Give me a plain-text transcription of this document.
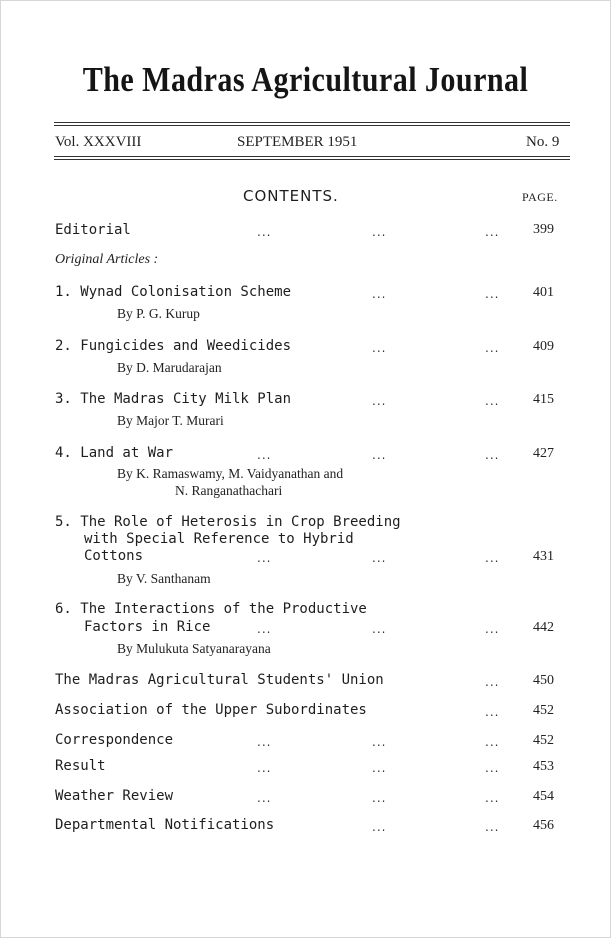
The Madras Agricultural Journal
Vol. XXXVIII	SEPTEMBER 1951	No. 9
CONTENTS.	PAGE.
Editorial	...	...	... 399
Original Articles :
1. Wynad Colonisation Scheme	...	... 401
By P. G. Kurup
2. Fungicides and Weedicides	...	... 409
By D. Marudarajan
3. The Madras City Milk Plan	...	... 415
By Major T. Murari
4. Land at War	...	...	... 427
By K. Ramaswamy, M. Vaidyanathan and
N. Ranganathachari
5. The Role of Heterosis in Crop Breeding
with Special Reference to Hybrid
Cottons	...	...	... 431
By V. Santhanam
6. The Interactions of the Productive
Factors in Rice	...	...	... 442
By Mulukuta Satyanarayana
The Madras Agricultural Students' Union	... 450
Association of the Upper Subordinates	... 452
Correspondence	...	...	... 452
Result	...	...	... 453
Weather Review	...	...	... 454
Departmental Notifications	...	... 456
